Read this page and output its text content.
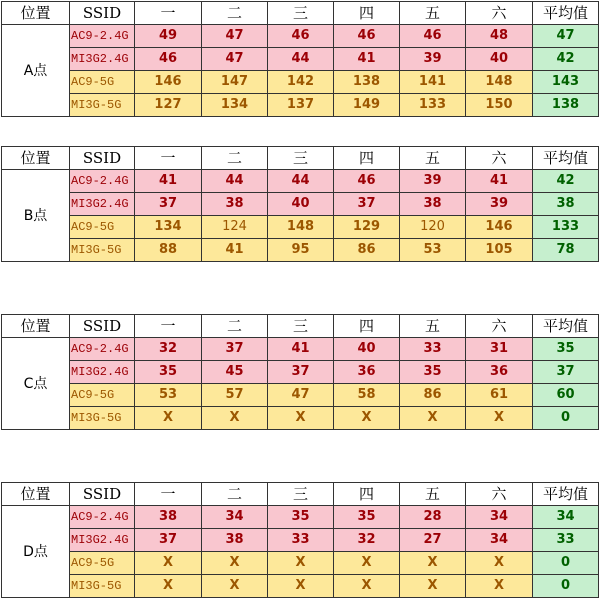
位置	SSID	一	二	三	四	五	六	平均值
A点	AC9-2.4G	49	47	46	46	46	48	47
	MI3G2.4G	46	47	44	41	39	40	42
	AC9-5G	146	147	142	138	141	148	143
	MI3G-5G	127	134	137	149	133	150	138
位置	SSID	一	二	三	四	五	六	平均值
B点	AC9-2.4G	41	44	44	46	39	41	42
	MI3G2.4G	37	38	40	37	38	39	38
	AC9-5G	134	124	148	129	120	146	133
	MI3G-5G	88	41	95	86	53	105	78
位置	SSID	一	二	三	四	五	六	平均值
C点	AC9-2.4G	32	37	41	40	33	31	35
	MI3G2.4G	35	45	37	36	35	36	37
	AC9-5G	53	57	47	58	86	61	60
	MI3G-5G	X	X	X	X	X	X	0
位置	SSID	一	二	三	四	五	六	平均值
D点	AC9-2.4G	38	34	35	35	28	34	34
	MI3G2.4G	37	38	33	32	27	34	33
	AC9-5G	X	X	X	X	X	X	0
	MI3G-5G	X	X	X	X	X	X	0
